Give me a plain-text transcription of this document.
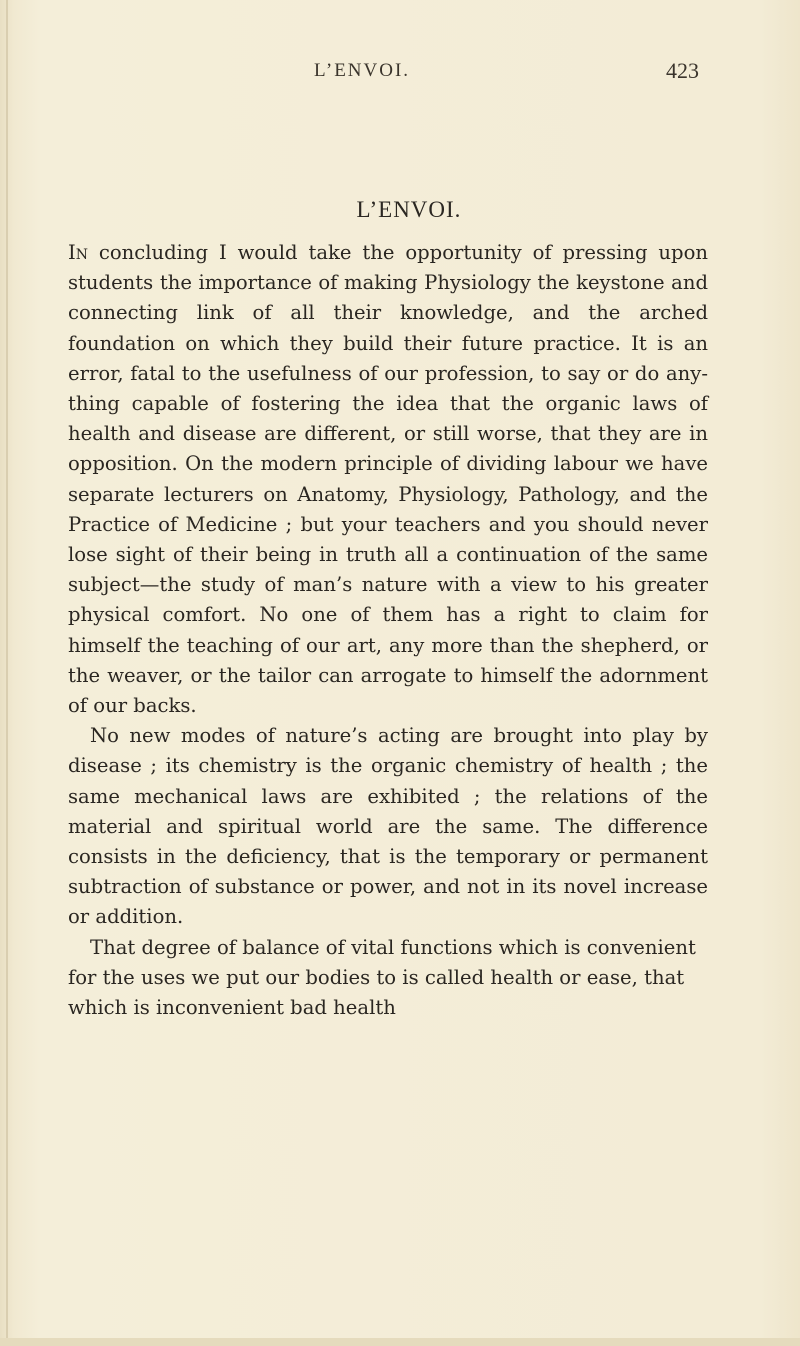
L’ENVOI.	423
L’ENVOI.

In concluding I would take the opportunity of pressing upon students the importance of making Physiology the keystone and connecting link of all their knowledge, and the arched foundation on which they build their future practice. It is an error, fatal to the usefulness of our profession, to say or do any-thing capable of fostering the idea that the organic laws of health and disease are different, or still worse, that they are in opposition. On the modern principle of dividing labour we have separate lecturers on Anatomy, Physiology, Pathology, and the Practice of Medicine ; but your teachers and you should never lose sight of their being in truth all a continuation of the same subject—the study of man’s nature with a view to his greater physical comfort. No one of them has a right to claim for himself the teaching of our art, any more than the shepherd, or the weaver, or the tailor can arrogate to himself the adornment of our backs.

No new modes of nature’s acting are brought into play by disease ; its chemistry is the organic chemistry of health ; the same mechanical laws are exhibited ; the relations of the material and spiritual world are the same. The difference consists in the deficiency, that is the temporary or permanent subtraction of substance or power, and not in its novel increase or addition.

That degree of balance of vital functions which is convenient for the uses we put our bodies to is called health or ease, that which is inconvenient bad health
